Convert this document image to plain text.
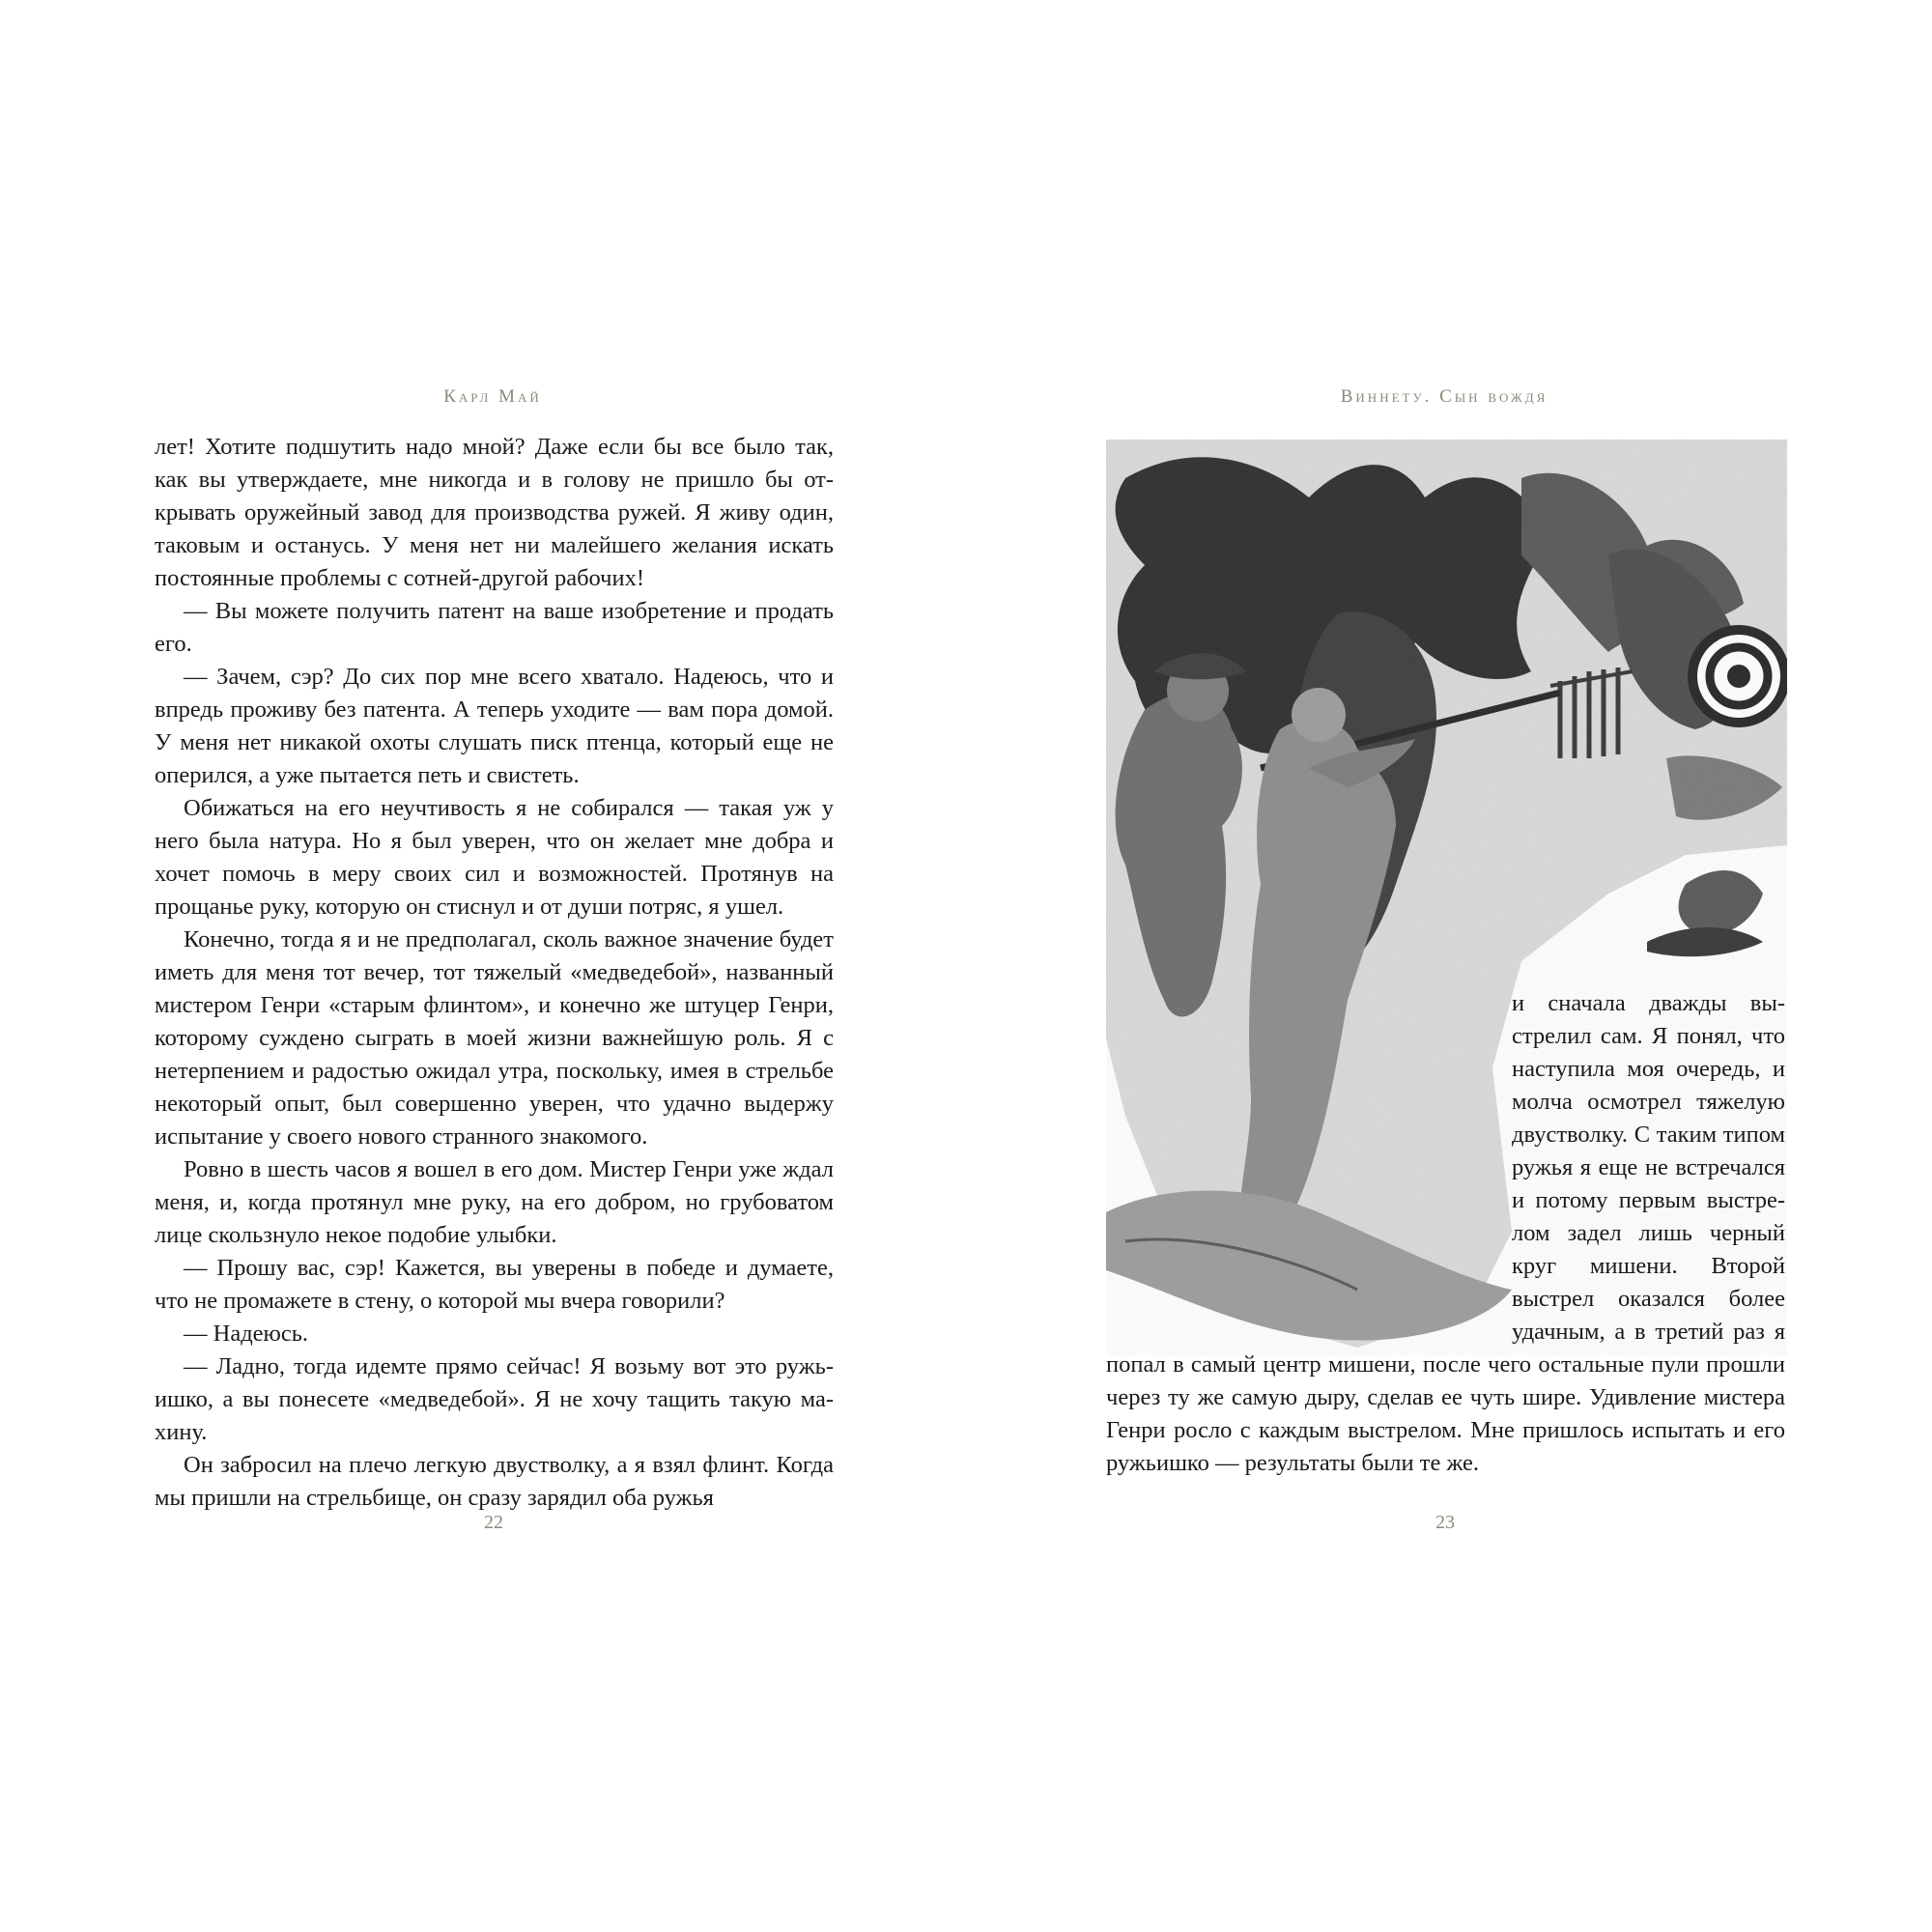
Карл Май	Виннету. Сын вождя

лет! Хотите подшутить надо мной? Даже если бы все было так, как вы утверждаете, мне никогда и в голову не пришло бы открывать оружейный завод для производства ружей. Я живу один, таковым и останусь. У меня нет ни малейшего желания искать постоянные проблемы с сотней-другой рабочих!

— Вы можете получить патент на ваше изобретение и продать его.

— Зачем, сэр? До сих пор мне всего хватало. Надеюсь, что и впредь проживу без патента. А теперь уходите — вам пора домой. У меня нет никакой охоты слушать писк птенца, который еще не оперился, а уже пытается петь и свистеть.

Обижаться на его неучтивость я не собирался — такая уж у него была натура. Но я был уверен, что он желает мне добра и хочет помочь в меру своих сил и возможностей. Протянув на прощанье руку, которую он стиснул и от души потряс, я ушел.

Конечно, тогда я и не предполагал, сколь важное значение будет иметь для меня тот вечер, тот тяжелый «медведебой», названный мистером Генри «старым флинтом», и конечно же штуцер Генри, которому суждено сыграть в моей жизни важнейшую роль. Я с нетерпением и радостью ожидал утра, поскольку, имея в стрельбе некоторый опыт, был совершенно уверен, что удачно выдержу испытание у своего нового странного знакомого.

Ровно в шесть часов я вошел в его дом. Мистер Генри уже ждал меня, и, когда протянул мне руку, на его добром, но грубоватом лице скользнуло некое подобие улыбки.

— Прошу вас, сэр! Кажется, вы уверены в победе и думаете, что не промажете в стену, о которой мы вчера говорили?

— Надеюсь.

— Ладно, тогда идемте прямо сейчас! Я возьму вот это ружьишко, а вы понесете «медведебой». Я не хочу тащить такую махину.

Он забросил на плечо легкую двустволку, а я взял флинт. Когда мы пришли на стрельбище, он сразу зарядил оба ружья

и сначала дважды выстрелил сам. Я понял, что наступила моя очередь, и молча осмотрел тяжелую двустволку. С таким типом ружья я еще не встречался и потому первым выстрелом задел лишь черный круг мишени. Второй выстрел оказался более удачным, а в третий раз я попал в самый центр мишени, после чего остальные пули прошли через ту же самую дыру, сделав ее чуть шире. Удивление мистера Генри росло с каждым выстрелом. Мне пришлось испытать и его ружьишко — результаты были те же.
22	23
